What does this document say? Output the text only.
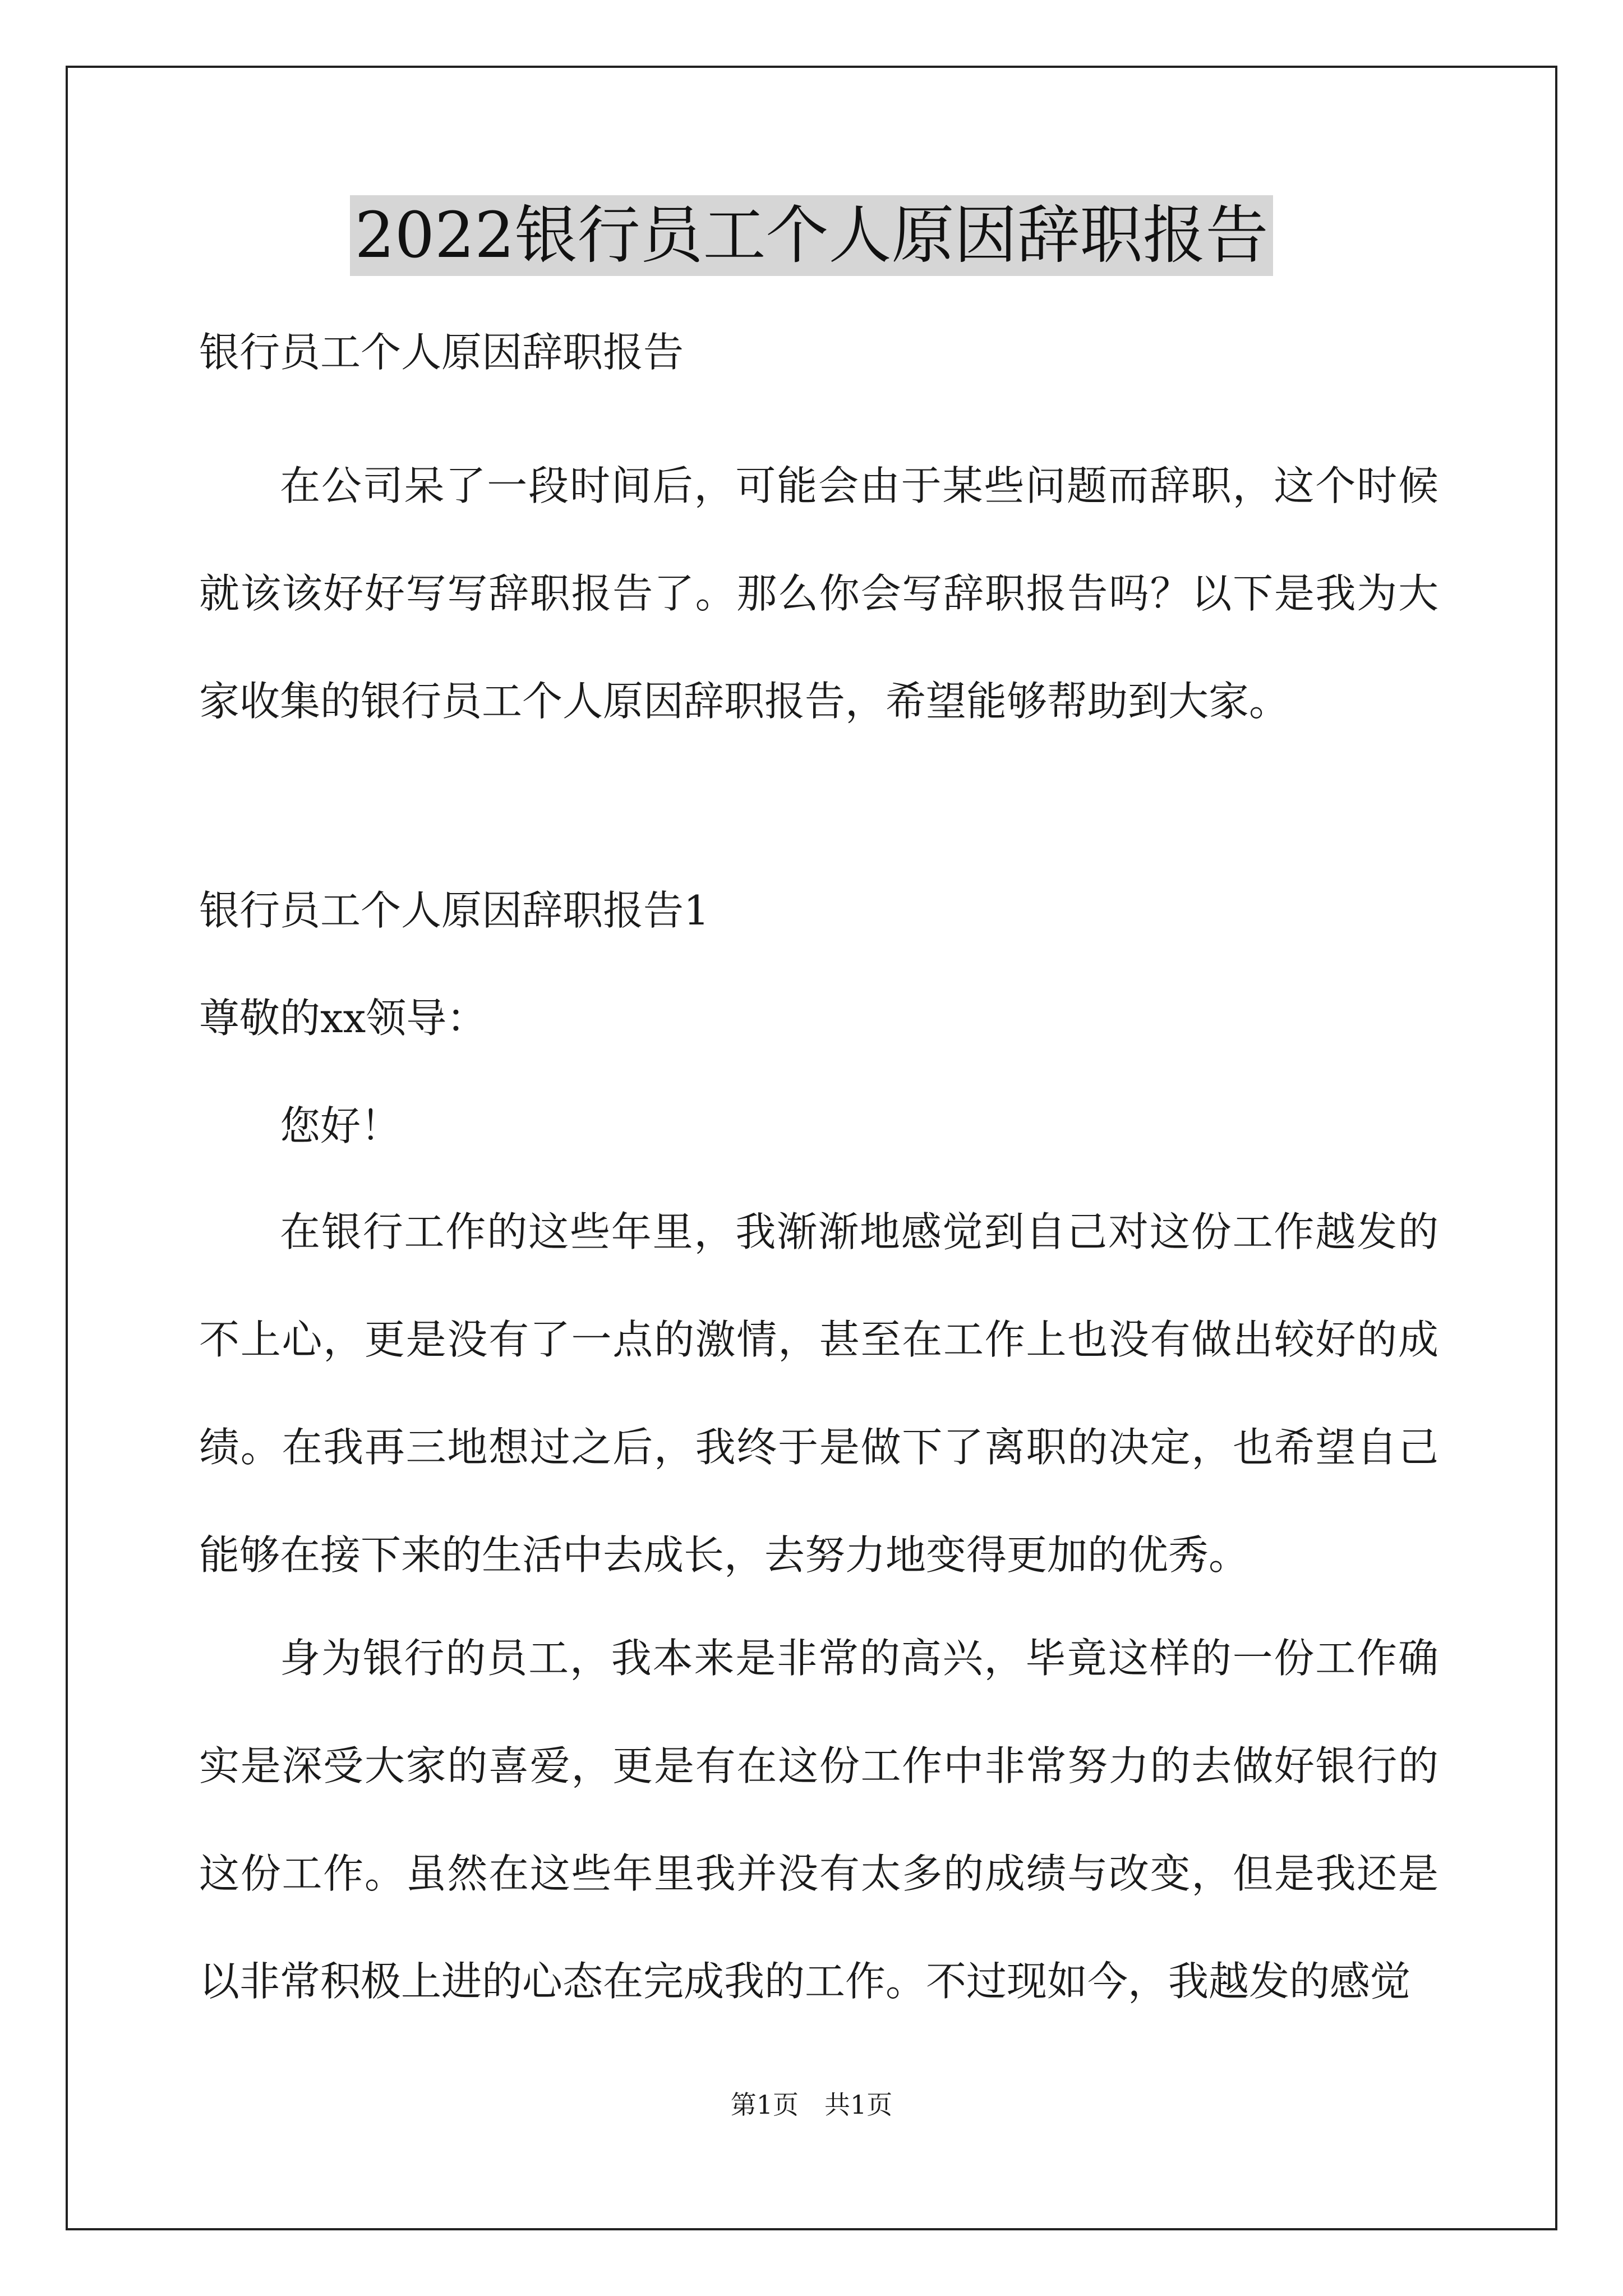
2022银行员工个人原因辞职报告
银行员工个人原因辞职报告
在公司呆了一段时间后，可能会由于某些问题而辞职，这个时候就该该好好写写辞职报告了。那么你会写辞职报告吗？以下是我为大家收集的银行员工个人原因辞职报告，希望能够帮助到大家。
银行员工个人原因辞职报告1
尊敬的xx领导：
您好！
在银行工作的这些年里，我渐渐地感觉到自己对这份工作越发的不上心，更是没有了一点的激情，甚至在工作上也没有做出较好的成绩。在我再三地想过之后，我终于是做下了离职的决定，也希望自己能够在接下来的生活中去成长，去努力地变得更加的优秀。
身为银行的员工，我本来是非常的高兴，毕竟这样的一份工作确实是深受大家的喜爱，更是有在这份工作中非常努力的去做好银行的这份工作。虽然在这些年里我并没有太多的成绩与改变，但是我还是以非常积极上进的心态在完成我的工作。不过现如今，我越发的感觉
第1页　共1页
